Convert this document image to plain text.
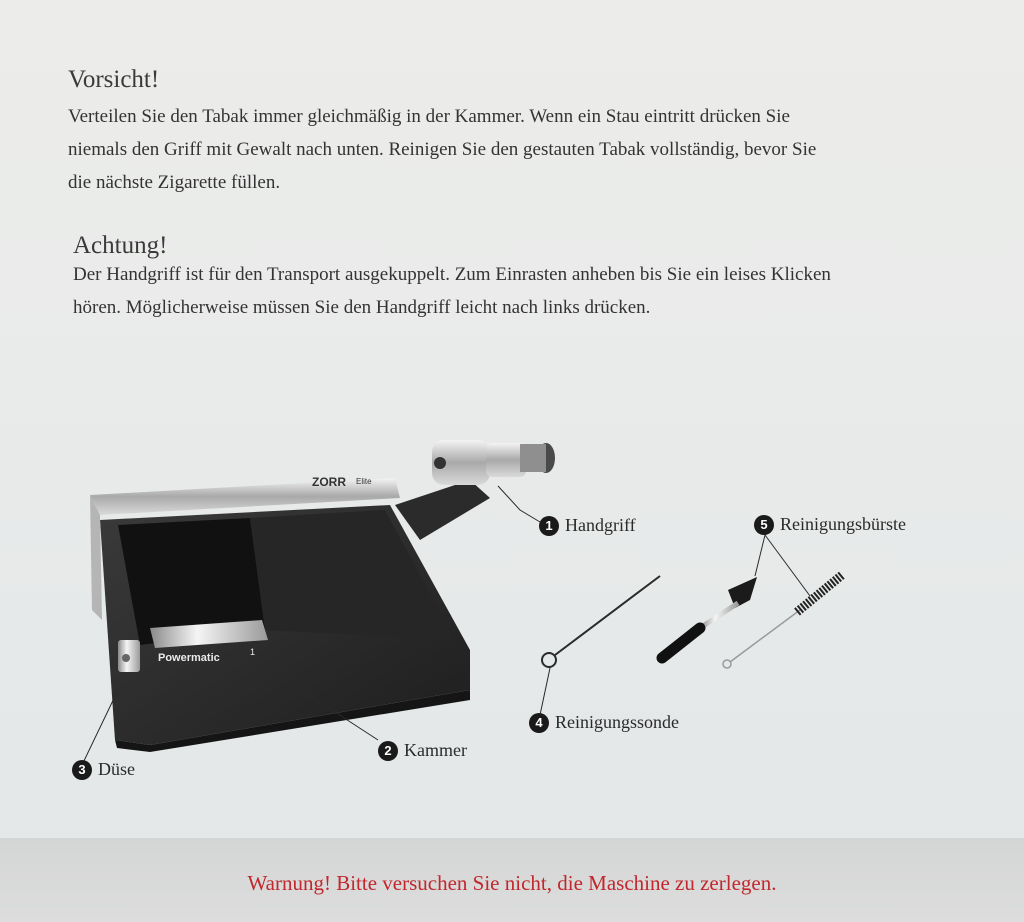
Vorsicht!

Verteilen Sie den Tabak immer gleichmäßig in der Kammer. Wenn ein Stau eintritt drücken Sie
niemals den Griff mit Gewalt nach unten. Reinigen Sie den gestauten Tabak vollständig, bevor Sie
die nächste Zigarette füllen.

Achtung!

Der Handgriff ist für den Transport ausgekuppelt. Zum Einrasten anheben bis Sie ein leises Klicken
hören. Möglicherweise müssen Sie den Handgriff leicht nach links drücken.

ZORR Elite
Powermatic	1
1 Handgriff
2 Kammer
3 Düse
4 Reinigungssonde
5 Reinigungsbürste
Warnung! Bitte versuchen Sie nicht, die Maschine zu zerlegen.
